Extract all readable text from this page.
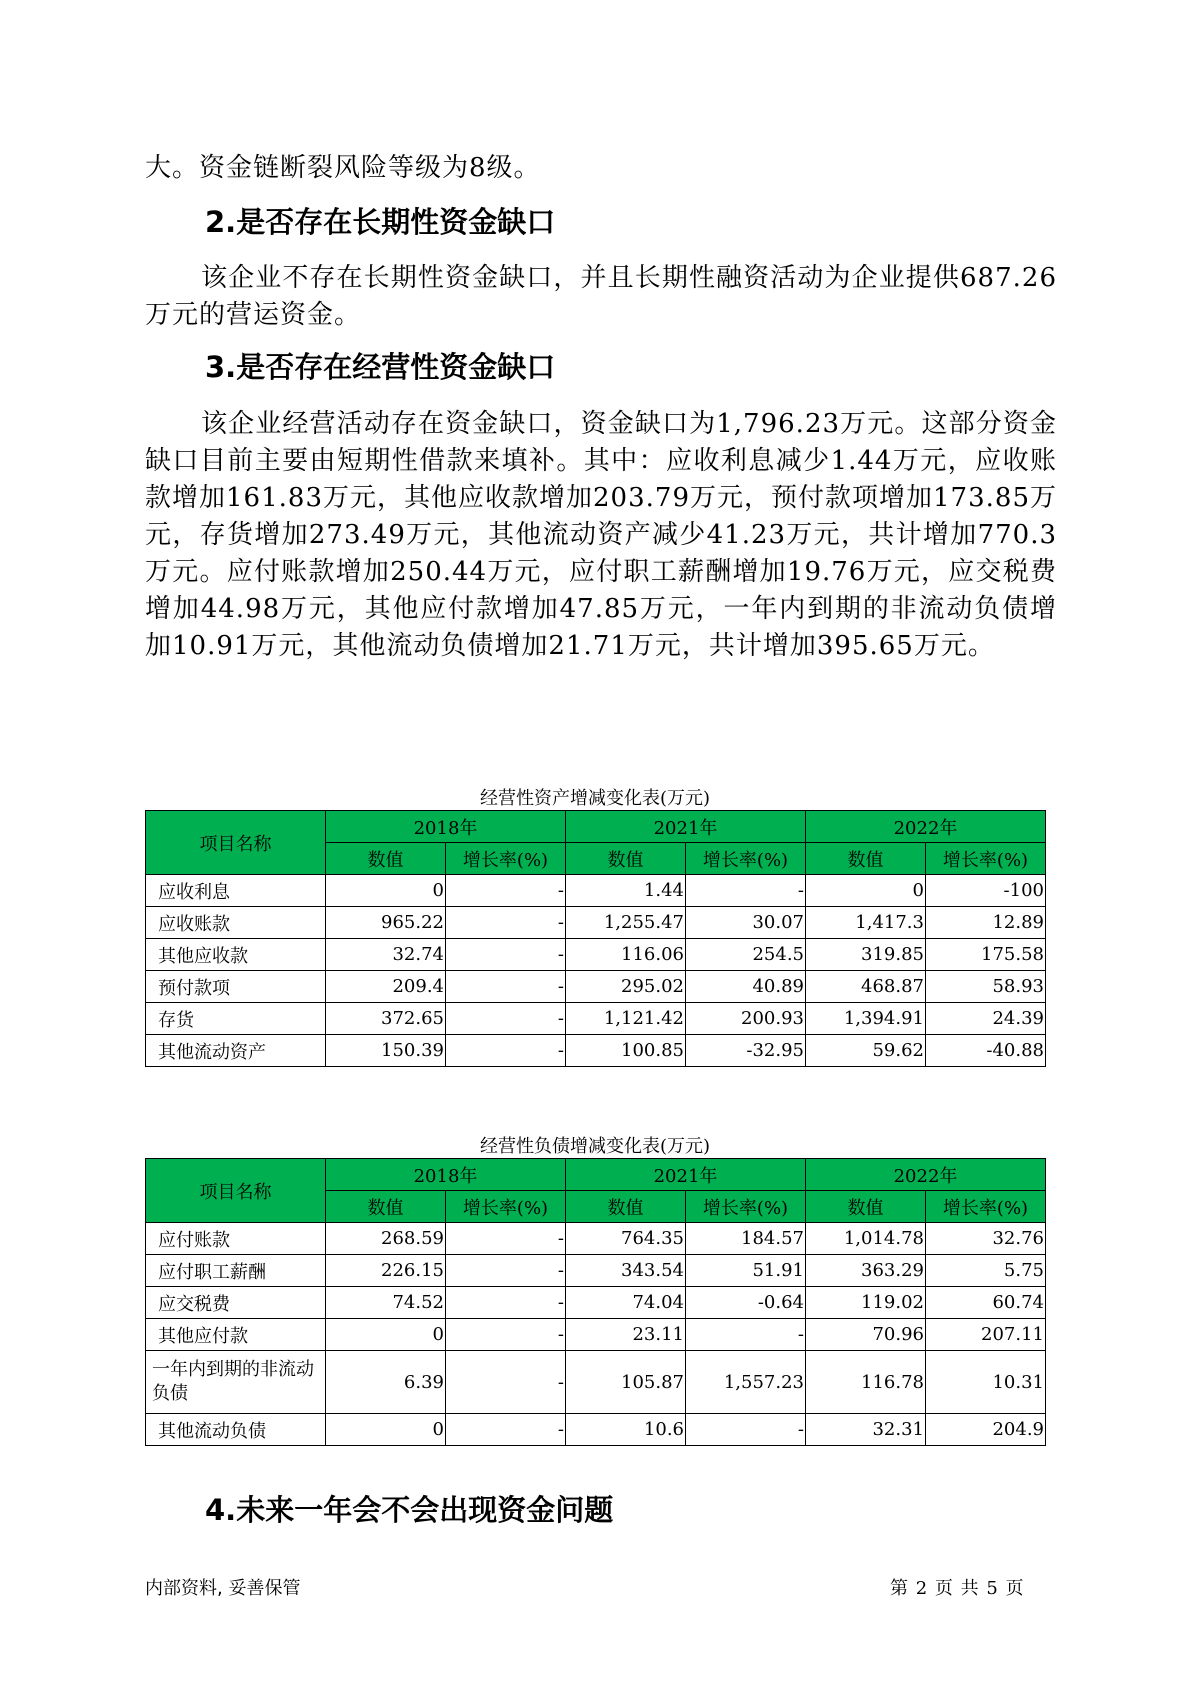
大。资金链断裂风险等级为8级。

2.是否存在长期性资金缺口

该企业不存在长期性资金缺口，并且长期性融资活动为企业提供687.26万元的营运资金。

3.是否存在经营性资金缺口

该企业经营活动存在资金缺口，资金缺口为1,796.23万元。这部分资金缺口目前主要由短期性借款来填补。其中：应收利息减少1.44万元，应收账款增加161.83万元，其他应收款增加203.79万元，预付款项增加173.85万元，存货增加273.49万元，其他流动资产减少41.23万元，共计增加770.3万元。应付账款增加250.44万元，应付职工薪酬增加19.76万元，应交税费增加44.98万元，其他应付款增加47.85万元，一年内到期的非流动负债增加10.91万元，其他流动负债增加21.71万元，共计增加395.65万元。

经营性资产增减变化表(万元)

项目名称	2018年		2021年		2022年	
	数值	增长率(%)	数值	增长率(%)	数值	增长率(%)
应收利息	0	-	1.44	-	0	-100
应收账款	965.22	-	1,255.47	30.07	1,417.3	12.89
其他应收款	32.74	-	116.06	254.5	319.85	175.58
预付款项	209.4	-	295.02	40.89	468.87	58.93
存货	372.65	-	1,121.42	200.93	1,394.91	24.39
其他流动资产	150.39	-	100.85	-32.95	59.62	-40.88

经营性负债增减变化表(万元)

项目名称	2018年		2021年		2022年	
	数值	增长率(%)	数值	增长率(%)	数值	增长率(%)
应付账款	268.59	-	764.35	184.57	1,014.78	32.76
应付职工薪酬	226.15	-	343.54	51.91	363.29	5.75
应交税费	74.52	-	74.04	-0.64	119.02	60.74
其他应付款	0	-	23.11	-	70.96	207.11
一年内到期的非流动负债	6.39	-	105.87	1,557.23	116.78	10.31
其他流动负债	0	-	10.6	-	32.31	204.9
4.未来一年会不会出现资金问题
内部资料, 妥善保管	第 2 页 共 5 页
